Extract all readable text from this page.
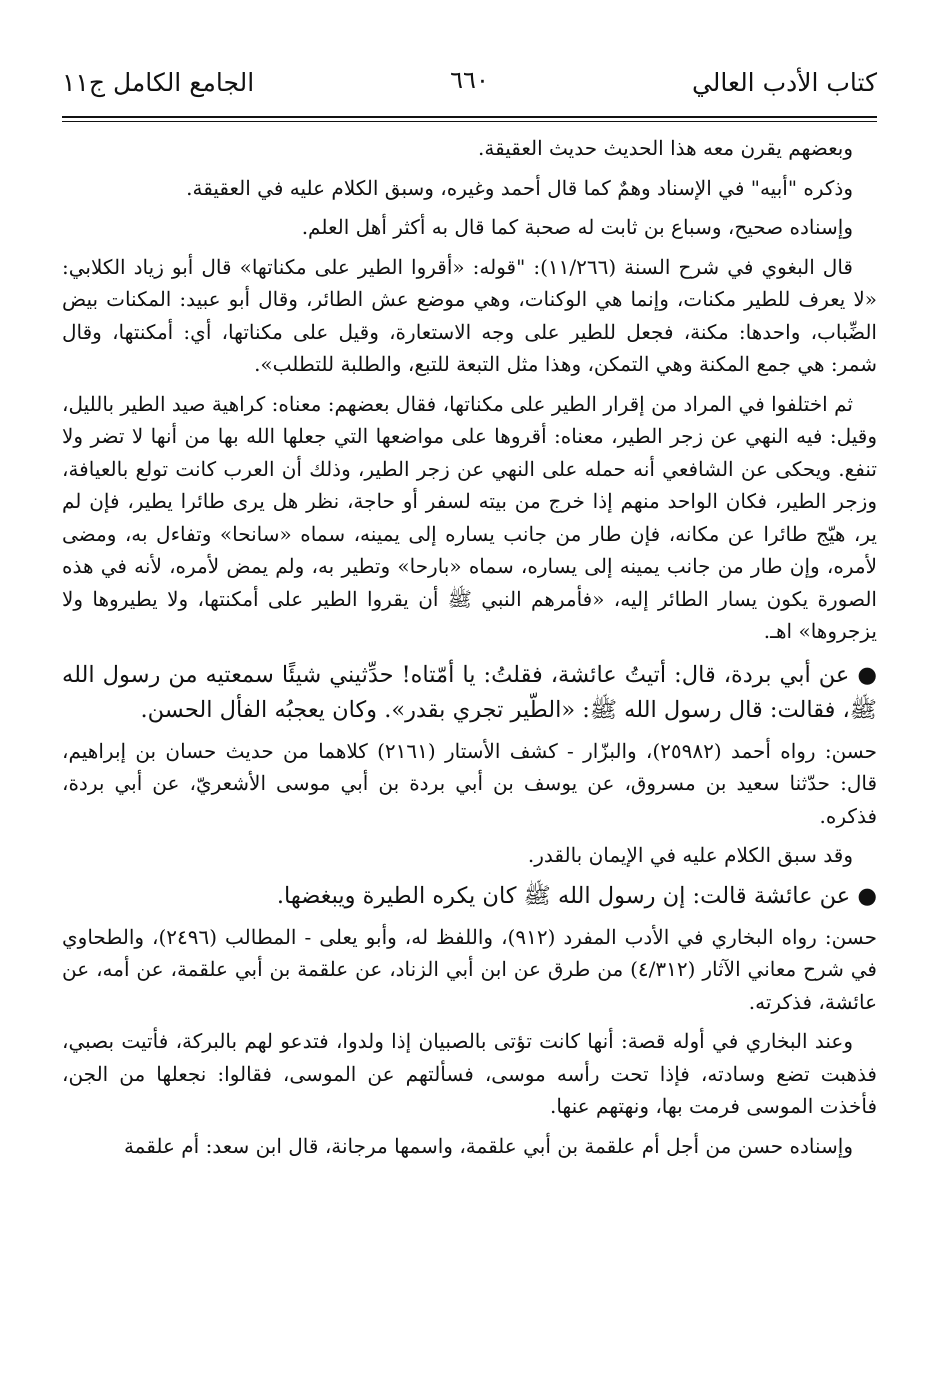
كتاب الأدب العالي
٦٦٠
الجامع الكامل ج١١

وبعضهم يقرن معه هذا الحديث حديث العقيقة.

وذكره "أبيه" في الإسناد وهمٌ كما قال أحمد وغيره، وسبق الكلام عليه في العقيقة.

وإسناده صحيح، وسباع بن ثابت له صحبة كما قال به أكثر أهل العلم.

قال البغوي في شرح السنة (١١/٢٦٦): "قوله: «أقروا الطير على مكناتها» قال أبو زياد الكلابي: «لا يعرف للطير مكنات، وإنما هي الوكنات، وهي موضع عش الطائر، وقال أبو عبيد: المكنات بيض الضِّباب، واحدها: مكنة، فجعل للطير على وجه الاستعارة، وقيل على مكناتها، أي: أمكنتها، وقال شمر: هي جمع المكنة وهي التمكن، وهذا مثل التبعة للتبع، والطلبة للتطلب».

ثم اختلفوا في المراد من إقرار الطير على مكناتها، فقال بعضهم: معناه: كراهية صيد الطير بالليل، وقيل: فيه النهي عن زجر الطير، معناه: أقروها على مواضعها التي جعلها الله بها من أنها لا تضر ولا تنفع. ويحكى عن الشافعي أنه حمله على النهي عن زجر الطير، وذلك أن العرب كانت تولع بالعيافة، وزجر الطير، فكان الواحد منهم إذا خرج من بيته لسفر أو حاجة، نظر هل يرى طائرا يطير، فإن لم ير، هيّج طائرا عن مكانه، فإن طار من جانب يساره إلى يمينه، سماه «سانحا» وتفاءل به، ومضى لأمره، وإن طار من جانب يمينه إلى يساره، سماه «بارحا» وتطير به، ولم يمض لأمره، لأنه في هذه الصورة يكون يسار الطائر إليه، «فأمرهم النبي ﷺ أن يقروا الطير على أمكنتها، ولا يطيروها ولا يزجروها» اهـ.

● عن أبي بردة، قال: أتيتُ عائشة، فقلتُ: يا أمّتاه! حدِّثيني شيئًا سمعتيه من رسول الله ﷺ، فقالت: قال رسول الله ﷺ: «الطّير تجري بقدر». وكان يعجبُه الفأل الحسن.

حسن: رواه أحمد (٢٥٩٨٢)، والبزّار - كشف الأستار (٢١٦١) كلاهما من حديث حسان بن إبراهيم، قال: حدّثنا سعيد بن مسروق، عن يوسف بن أبي بردة بن أبي موسى الأشعريّ، عن أبي بردة، فذكره.

وقد سبق الكلام عليه في الإيمان بالقدر.

● عن عائشة قالت: إن رسول الله ﷺ كان يكره الطيرة ويبغضها.

حسن: رواه البخاري في الأدب المفرد (٩١٢)، واللفظ له، وأبو يعلى - المطالب (٢٤٩٦)، والطحاوي في شرح معاني الآثار (٤/٣١٢) من طرق عن ابن أبي الزناد، عن علقمة بن أبي علقمة، عن أمه، عن عائشة، فذكرته.

وعند البخاري في أوله قصة: أنها كانت تؤتى بالصبيان إذا ولدوا، فتدعو لهم بالبركة، فأتيت بصبي، فذهبت تضع وسادته، فإذا تحت رأسه موسى، فسألتهم عن الموسى، فقالوا: نجعلها من الجن، فأخذت الموسى فرمت بها، ونهتهم عنها.

وإسناده حسن من أجل أم علقمة بن أبي علقمة، واسمها مرجانة، قال ابن سعد: أم علقمة
